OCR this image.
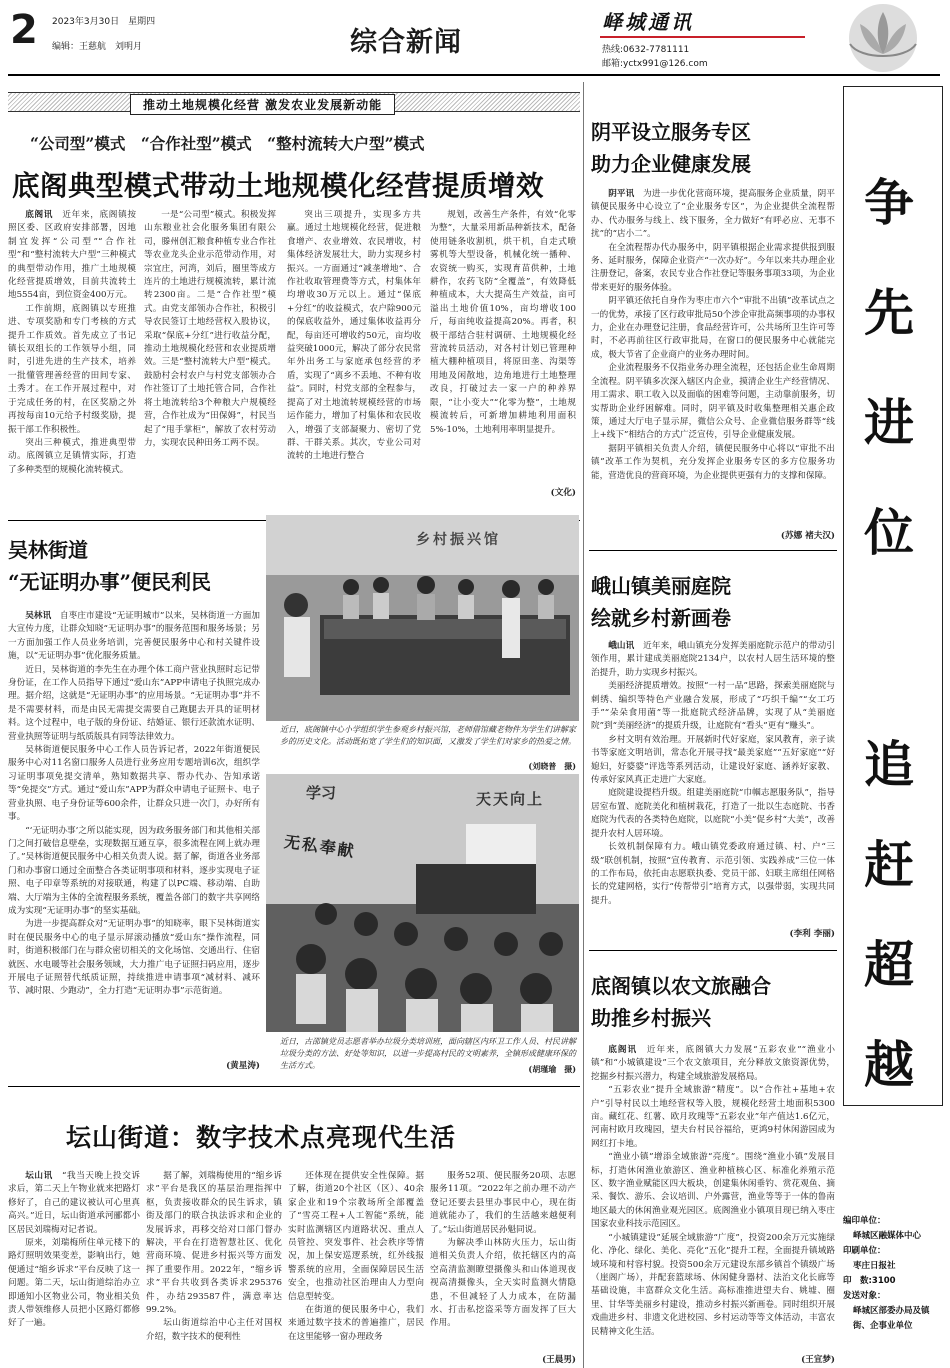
2 2023年3月30日　星期四
编辑：王慈航　刘明月	综合新闻
峄城通讯
热线:0632-7781111
邮箱:yctx991@126.com
推动土地规模化经营 激发农业发展新动能
“公司型”模式　“合作社型”模式　“整村流转大户型”模式
底阁典型模式带动土地规模化经营提质增效

底阁讯　近年来，底阁镇按照区委、区政府安排部署，因地制宜发挥“公司型”“合作社型”和“整村流转大户型”三种模式的典型带动作用，推广土地规模化经营提质增效，目前共流转土地5554亩，到位资金400万元。

工作前期，底阁镇以专班推进、专项奖励和专门考核的方式提升工作质效。首先成立了书记镇长双组长的工作领导小组，同时，引进先进的生产技术，培养一批懂管理善经营的田间专家、土秀才。在工作开展过程中，对于完成任务的村，在区奖励之外再按每亩10元给予村级奖励，提振干部工作积极性。

突出三种模式，推进典型带动。底阁镇立足镇情实际，打造了多种类型的规模化流转模式。

一是“公司型”模式。积极发挥山东粮业社会化服务集团有限公司，滕州创汇粮食种植专业合作社等农业龙头企业示范带动作用，对宗宜庄，河湾，刘后，圈里等成方连片的土地进行规模流转，累计流转2300亩。二是“合作社型”模式。由党支部领办合作社，积极引导农民签订土地经营权入股协议，采取“保底+分红”进行收益分配，推动土地规模化经营和农业提质增效。三是“整村流转大户型”模式。鼓励村会村农户与村党支部领办合作社签订了土地托管合同，合作社将土地流转给3个种粮大户规模经营，合作社成为“田保姆”，村民当起了“甩手掌柜”，解放了农村劳动力，实现农民种田务工两不误。

突出三项提升，实现多方共赢。通过土地规模化经营，促进粮食增产、农业增效、农民增收，村集体经济发展壮大，助力实现乡村振兴。一方面通过“减垄增地”、合作社收取管理费等方式，村集体年均增收30万元以上。通过“保底+分红”的收益模式，农户除900元的保底收益外，通过集体收益再分配，每亩还可增收约50元，亩均收益突破1000元，解决了部分农民常年外出务工与家庭承包经营的矛盾，实现了“离乡不丢地、不种有收益”。同时，村党支部的全程参与，提高了对土地流转规模经营的市场运作能力，增加了村集体和农民收入，增强了支部凝聚力、密切了党群、干群关系。其次，专业公司对流转的土地进行整合

规划，改善生产条件，有效“化零为整”，大量采用新品种新技术，配备使用链条收割机，烘干机，自走式喷雾机等大型设备，机械化统一播种、农资统一购买，实现育苗供种，土地耕作，农药飞防“全覆盖”，有效降低种植成本，大大提高生产效益，亩可溢出土地价值10%，亩均增收100斤，每亩纯收益提高20%。再者，积极干部结合驻村调研、土地规模化经营流转员活动，对各村计划已管理种植大棚种植项目，将原田垄、沟渠等用地及闲散地，边角地进行土地整理改良，打破过去一家一户的种养界限，“让小变大”“化零为整”，土地规模流转后，可新增加耕地利用面积5%-10%，土地利用率明显提升。

(文化)
吴林街道
“无证明办事”便民利民

吴林讯　自枣庄市建设“无证明城市”以来，吴林街道一方面加大宣传力度，让群众知晓“无证明办事”的服务范围和服务场景；另一方面加强工作人员业务培训，完善便民服务中心和村关键件设施，以“无证明办事”优化服务质量。

近日，吴林街道的李先生在办理个体工商户营业执照时忘记带身份证，在工作人员指导下通过“爱山东”APP申请电子执照完成办理。据介绍，这就是“无证明办事”的应用场景。“无证明办事”并不是不需要材料，而是由民无需提交需要自己跑腿去开具的证明材料。这个过程中，电子版的身份证、结婚证、银行还款流水证明、营业执照等证明与纸质版具有同等法律效力。

吴林街道便民服务中心工作人员告诉记者，2022年街道便民服务中心对11名窗口服务人员进行业务应用专题培训6次，组织学习证明事项免提交清单，熟知数据共享、帮办代办、告知承诺等“免提交”方式。通过“爱山东”APP为群众申请电子证照卡、电子营业执照、电子身份证等600余件，让群众只进一次门，办好所有事。

“‘无证明办事’之所以能实现，因为政务服务部门和其他相关部门之间打破信息壁垒，实现数据互通互享，很多流程在网上就办理了。”吴林街道便民服务中心相关负责人说。据了解，街道各业务部门和办事窗口通过全面整合各类证明事项和材料，逐步实现电子证照、电子印章等系统的对接联通，构建了以PC端、移动端、自助端、大厅端为主体的全流程服务系统，覆盖各部门的数字共享网络成为实现“无证明办事”的坚实基础。

为进一步提高群众对“无证明办事”的知晓率，眼下吴林街道实时在便民服务中心的电子显示屏滚动播放“爱山东”操作流程，同时，街道积极部门在与群众密切相关的文化场馆、交通出行、住宿就医、水电暖等社会服务领域，大力推广电子证照扫码应用，逐步开展电子证照替代纸质证照，持续推进申请事项“减材料、减环节、减时限、少跑动”，全力打造“无证明办事”示范街道。

(黄星涛)
乡村振兴馆
近日，底阁镇中心小学组织学生参观乡村振兴馆，老师借馆藏老物件为学生们讲解家乡的历史文化。活动既拓宽了学生们的知识面，又激发了学生们对家乡的热爱之情。
(刘晓普　摄)
学习	天天向上
无私奉献
近日，古邵镇党员志愿者举办垃圾分类培训班，面向辖区内环卫工作人员、村民讲解垃圾分类的方法、好处等知识，以进一步提高村民的文明素养，全镇形成健康环保的生活方式。	(胡瑾瑜　摄)
坛山街道：数字技术点亮现代生活

坛山讯　“我当天晚上投交诉求后，第二天上午物业就来把路灯修好了，自己的建议被认可心里真高兴。”近日，坛山街道承河郦都小区居民刘瑞梅对记者说。

原来，刘瑞梅所住单元楼下的路灯照明效果变差，影响出行，她便通过“缩乡诉求”平台反映了这一问题。第二天，坛山街道综治办立即通知小区物业公司，物业相关负责人带领维修人员把小区路灯都修好了一遍。

据了解，刘瑞梅使用的“缩乡诉求”平台是我区的基层治理指挥中枢，负责接收群众的民生诉求，镇街及部门的联合执法诉求和企业的发展诉求，再移交给对口部门督办解决，平台在打造智慧社区、优化营商环境、促进乡村振兴等方面发挥了重要作用。2022年，“缩乡诉求”平台共收到各类诉求295376件，办结293587件，满意率达99.2%。

坛山街道综治中心主任对国权介绍，数字技术的便利性

还体现在提供安全性保障。据了解，街道20个社区（区）、40余家企业和19个宗教场所全部覆盖了“雪亮工程+人工智能”系统，能实时监测辖区内道路状况、重点人员管控、突发事件、社会秩序等情况，加上保安巡逻系统，红外线报警系统的应用，全面保障居民生活安全，也推动社区治理由人力型向信息型转变。

在街道的便民服务中心，我们来通过数字技术的普遍推广，居民在这里能够一窗办理政务

服务52项、便民服务20项、志愿服务11项。“2022年之前办理不动产登记还要去县里办事民中心，现在街道就能办了，我们的生活越来越便利了。”坛山街道居民孙魁同说。

为解决季山林防火压力，坛山街道相关负责人介绍，依托辖区内的高空高清监测瞭望摄像头和山体道现夜视高清摄像头，全天实时监测火情隐患，不但减轻了人力成本，在防漏水、打击私挖盗采等方面发挥了巨大作用。

(王晨男)
阴平设立服务专区
助力企业健康发展

阴平讯　为进一步优化营商环境，提高服务企业质量，阴平镇便民服务中心设立了“企业服务专区”，为企业提供全流程帮办、代办服务与线上、线下服务，全力做好“有呼必应、无事不扰”的“店小二”。

在全流程帮办代办服务中，阴平镇根据企业需求提供报到服务、延时服务，保障企业资产“一次办好”。今年以来共办理企业注册登记，备案，农民专业合作社登记等服务事项33项，为企业带来更好的服务体验。

阴平镇还依托自身作为枣庄市六个“审批不出镇”改革试点之一的优势，承接了区行政审批局50个涉企审批高频事项的办事权力，企业在办理登记注册，食品经营许可，公共场所卫生许可等时，不必再前往区行政审批局，在窗口的便民服务中心就能完成，极大节省了企业商户的业务办理时间。

企业流程服务不仅指业务办理全流程，还包括企业生命周期全流程。阴平镇多次深入辖区内企业，摸清企业生产经营情况、用工需求、职工收入以及面临的困难等问题，主动靠前服务，切实帮助企业纾困解难。同时，阴平镇及时收集整理相关惠企政策，通过大厅电子显示屏，微信公众号、企业微信服务群等“线上+线下”相结合的方式广泛宣传，引导企业健康发展。

据阴平镇相关负责人介绍，镇便民服务中心将以“审批不出镇”改革工作为契机，充分发挥企业服务专区的多方位服务功能，营造优良的营商环境，为企业提供更强有力的支撑和保障。

(苏娜 褚夫汉)
峨山镇美丽庭院
绘就乡村新画卷

峨山讯　近年来，峨山镇充分发挥美丽庭院示范户的带动引领作用，累计建成美丽庭院2134户，以农村人居生活环境的整治提升，助力实现乡村振兴。

美丽经济提质增效。按照“一村一品”思路，探索美丽庭院与刺绣、编织等特色产业融合发展，形成了“巧织千编”“女工巧手”“朵朵食用菌”等一批庭院式经济品牌，实现了从“美丽庭院”到“美丽经济”的提质升级，让庭院有“看头”更有“赚头”。

乡村文明有效治理。开展新时代好家庭，家风教育，亲子读书等家庭文明培训，常态化开展寻找“最美家庭”“五好家庭”“好媳妇，好婆婆”评选等系列活动，让建设好家庭、涵养好家教、传承好家风真正走进广大家庭。

庭院建设提档升级。组建美丽庭院“巾帼志愿服务队”，指导居室布置、庭院美化和植树栽花，打造了一批以生态庭院、书香庭院为代表的各类特色庭院，以庭院“小美”促乡村“大美”，改善提升农村人居环境。

长效机制保障有力。峨山镇党委政府通过镇、村、户“三级”联创机制，按照“宣传教育、示范引领、实践养成”三位一体的工作布局，依托由志愿联执委、党员干部、妇联主席组任网格长的党建网格，实行“传帮带引”培育方式，以强带弱，实现共同提升。

(李利 李丽)
底阁镇以农文旅融合
助推乡村振兴

底阁讯　近年来，底阁镇大力发展“五彩农业”“渔业小镇”和“小城镇建设”三个农文旅项目，充分释放文旅资源优势，挖掘乡村振兴潜力，构建全域旅游发展格局。

“五彩农业”提升全域旅游“精度”。以“合作社+基地+农户”引导村民以土地经营权等入股，规模化经营土地面积5300亩。藏红花、红薯、欧月玫瑰等“五彩农业”年产值达1.6亿元，河南村欧月玫瑰园，望夫台村民谷福给，更鸿9村休闲游园成为网红打卡地。

“渔业小镇”增添全域旅游“亮度”。围绕“渔业小镇”发展目标，打造休闲渔业旅游区、渔业种植核心区、标准化养殖示范区、数字渔业赋能区四大板块，创建集休闲垂钓、赏花观鱼、摘采、餐饮、游乐、会议培训、户外露营，渔业等等于一体的鲁南地区最大的休闲渔业观光园区。底阁渔业小镇项目现已纳入枣庄国家农业科技示范园区。

“小城镇建设”延展全域旅游“广度”，投资200余万元实施绿化、净化、绿化、美化、亮化“五化”提升工程，全面提升镇域路域环境和村容村貌。投资500余万元建设东部乡镇首个镇级广场（崖阁广场），并配套篮球场、休闲健身器材、法治文化长廊等基础设施，丰富群众文化生活。高标准推进望夫台、姚墟、圈里、甘华等美丽乡村建设，推动乡村振兴新画卷。同时组织开展戏曲进乡村、非遗文化进校园、乡村运动等等文体活动，丰富农民精神文化生活。

(王宣梦)
争
先
进
位
追
赶
超
越
编印单位：
峄城区融媒体中心
印刷单位：
枣庄日报社
印　数:3100
发送对象：
峄城区部委办局及镇街、企事业单位
